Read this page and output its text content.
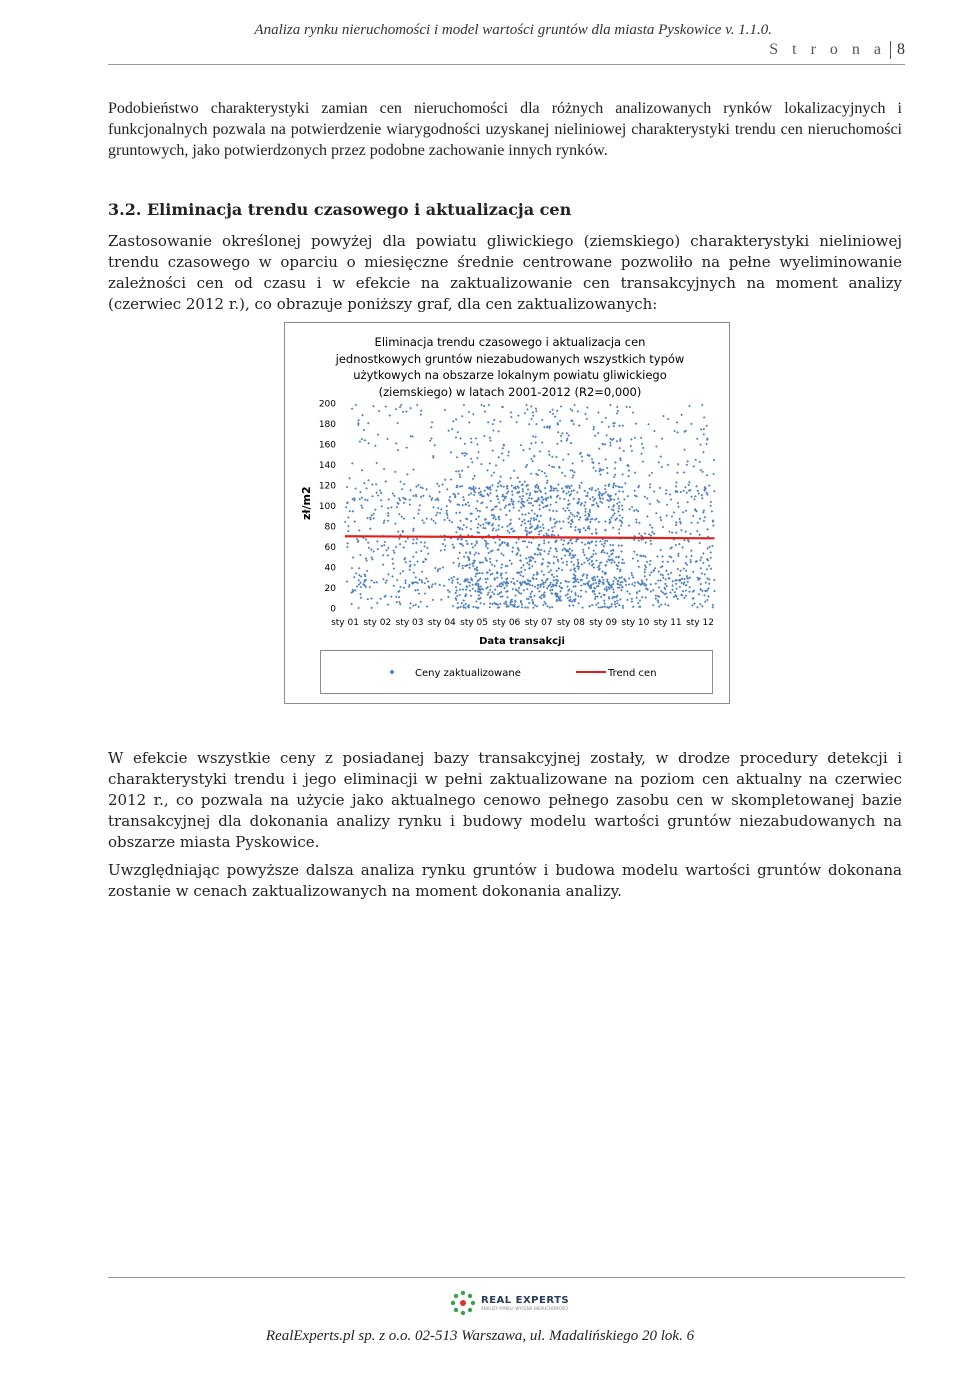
Analiza rynku nieruchomości i model wartości gruntów dla miasta Pyskowice v. 1.1.0.
S t r o n a 8
Podobieństwo charakterystyki zamian cen nieruchomości dla różnych analizowanych rynków lokalizacyjnych i funkcjonalnych pozwala na potwierdzenie wiarygodności uzyskanej nieliniowej charakterystyki trendu cen nieruchomości gruntowych, jako potwierdzonych przez podobne zachowanie innych rynków.
3.2. Eliminacja trendu czasowego i aktualizacja cen
Zastosowanie określonej powyżej dla powiatu gliwickiego (ziemskiego) charakterystyki nieliniowej trendu czasowego w oparciu o miesięczne średnie centrowane pozwoliło na pełne wyeliminowanie zależności cen od czasu i w efekcie na zaktualizowanie cen transakcyjnych na moment analizy (czerwiec 2012 r.), co obrazuje poniższy graf, dla cen zaktualizowanych:
Eliminacja trendu czasowego i aktualizacja cen jednostkowych gruntów niezabudowanych wszystkich typów użytkowych na obszarze lokalnym powiatu gliwickiego (ziemskiego) w latach 2001-2012 (R2=0,000)
0
20
40
60
80
100
120
140
160
180
200
sty 01 sty 02 sty 03 sty 04 sty 05 sty 06 sty 07 sty 08 sty 09 sty 10 sty 11 sty 12
Data transakcji
Ceny zaktualizowane	Trend cen
zł/m2
W efekcie wszystkie ceny z posiadanej bazy transakcyjnej zostały, w drodze procedury detekcji i charakterystyki trendu i jego eliminacji w pełni zaktualizowane na poziom cen aktualny na czerwiec 2012 r., co pozwala na użycie jako aktualnego cenowo pełnego zasobu cen w skompletowanej bazie transakcyjnej dla dokonania analizy rynku i budowy modelu wartości gruntów niezabudowanych na obszarze miasta Pyskowice.
Uwzględniając powyższe dalsza analiza rynku gruntów i budowa modelu wartości gruntów dokonana zostanie w cenach zaktualizowanych na moment dokonania analizy.
REAL EXPERTS
ANALIZY RYNKU, WYCENA NIERUCHOMOŚCI
RealExperts.pl sp. z o.o. 02-513 Warszawa, ul. Madalińskiego 20 lok. 6
